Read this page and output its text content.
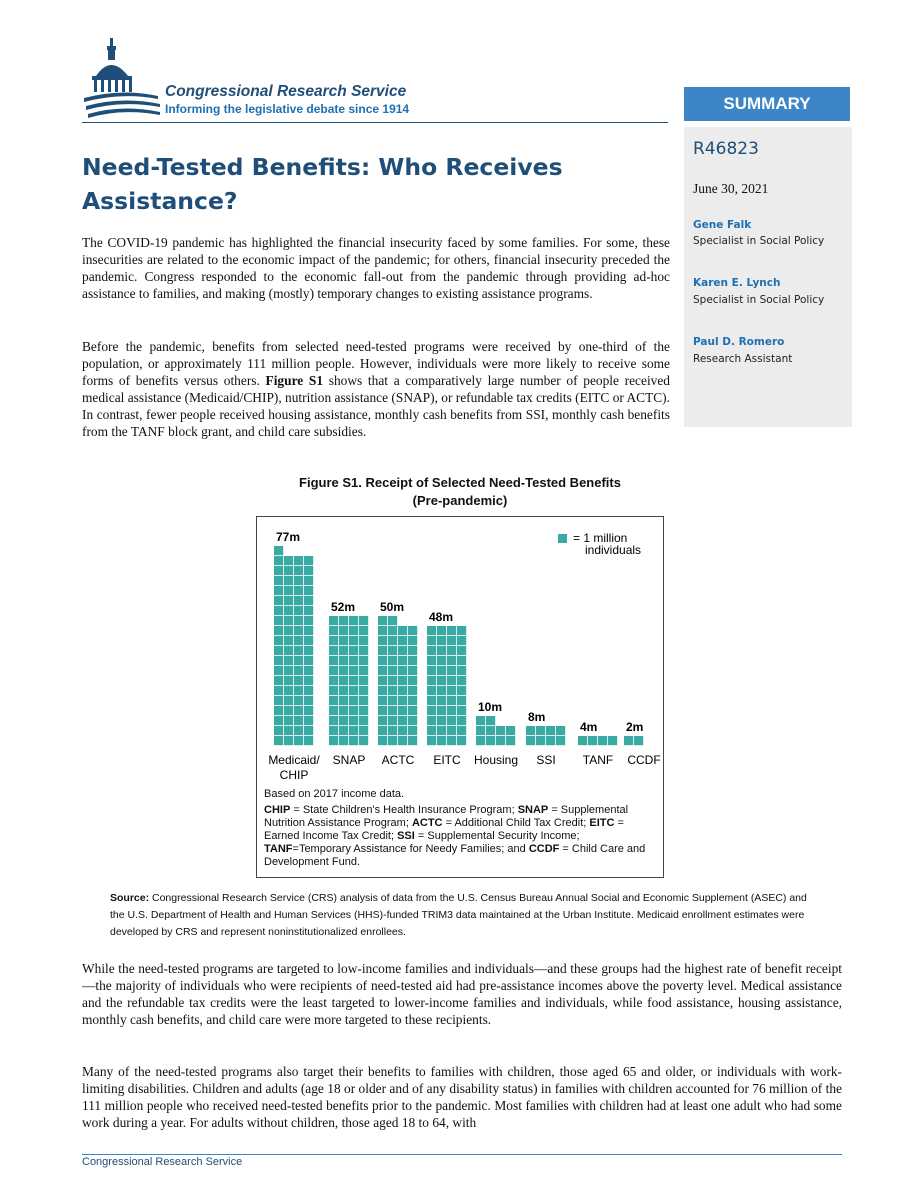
Congressional Research Service
Informing the legislative debate since 1914	SUMMARY
R46823
June 30, 2021
Gene Falk
Specialist in Social Policy
Karen E. Lynch
Specialist in Social Policy
Paul D. Romero
Research Assistant
Need-Tested Benefits: Who Receives Assistance?
The COVID-19 pandemic has highlighted the financial insecurity faced by some families. For some, these insecurities are related to the economic impact of the pandemic; for others, financial insecurity preceded the pandemic. Congress responded to the economic fall-out from the pandemic through providing ad-hoc assistance to families, and making (mostly) temporary changes to existing assistance programs.
Before the pandemic, benefits from selected need-tested programs were received by one-third of the population, or approximately 111 million people. However, individuals were more likely to receive some forms of benefits versus others. Figure S1 shows that a comparatively large number of people received medical assistance (Medicaid/CHIP), nutrition assistance (SNAP), or refundable tax credits (EITC or ACTC). In contrast, fewer people received housing assistance, monthly cash benefits from SSI, monthly cash benefits from the TANF block grant, and child care subsidies.
Figure S1. Receipt of Selected Need-Tested Benefits
(Pre-pandemic)
= 1 million
individuals
77m
Medicaid/
CHIP
52m
SNAP
50m
ACTC
48m
EITC
10m
Housing
8m
SSI
4m
TANF
2m
CCDF

Based on 2017 income data.

CHIP = State Children's Health Insurance Program; SNAP = Supplemental Nutrition Assistance Program; ACTC = Additional Child Tax Credit; EITC = Earned Income Tax Credit; SSI = Supplemental Security Income; TANF=Temporary Assistance for Needy Families; and CCDF = Child Care and Development Fund.

Source: Congressional Research Service (CRS) analysis of data from the U.S. Census Bureau Annual Social and Economic Supplement (ASEC) and the U.S. Department of Health and Human Services (HHS)-funded TRIM3 data maintained at the Urban Institute. Medicaid enrollment estimates were developed by CRS and represent noninstitutionalized enrollees.
While the need-tested programs are targeted to low-income families and individuals—and these groups had the highest rate of benefit receipt—the majority of individuals who were recipients of need-tested aid had pre-assistance incomes above the poverty level. Medical assistance and the refundable tax credits were the least targeted to lower-income families and individuals, while food assistance, housing assistance, monthly cash benefits, and child care were more targeted to these recipients.
Many of the need-tested programs also target their benefits to families with children, those aged 65 and older, or individuals with work-limiting disabilities. Children and adults (age 18 or older and of any disability status) in families with children accounted for 76 million of the 111 million people who received need-tested benefits prior to the pandemic. Most families with children had at least one adult who had some work during a year. For adults without children, those aged 18 to 64, with
Congressional Research Service
